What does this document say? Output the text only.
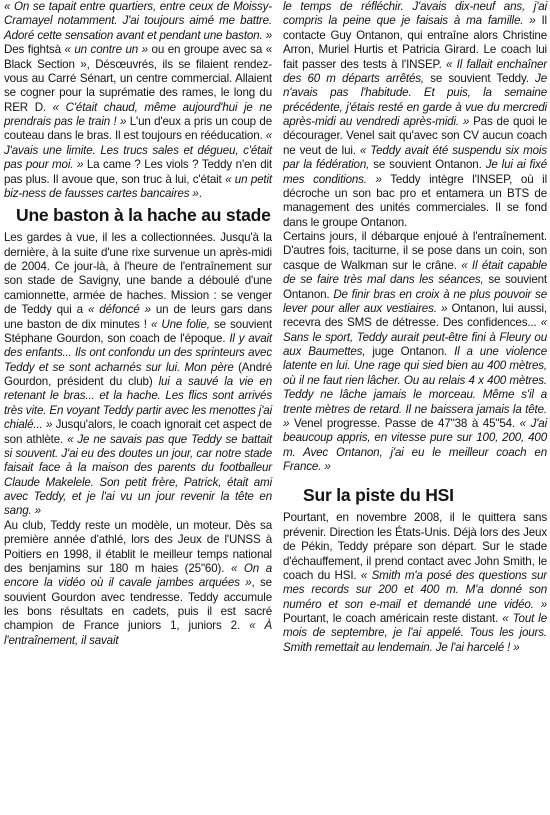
« On se tapait entre quartiers, entre ceux de Moissy-Cramayel notamment. J'ai toujours aimé me battre. Adoré cette sensation avant et pendant une baston. » Des fightsà « un contre un » ou en groupe avec sa « Black Section », Désœuvrés, ils se filaient rendez-vous au Carré Sénart, un centre commercial. Allaient se cogner pour la suprématie des rames, le long du RER D. « C'était chaud, même aujourd'hui je ne prendrais pas le train ! » L'un d'eux a pris un coup de couteau dans le bras. Il est toujours en rééducation. « J'avais une limite. Les trucs sales et dégueu, c'était pas pour moi. » La came ? Les viols ? Teddy n'en dit pas plus. Il avoue que, son truc à lui, c'était « un petit biz-ness de fausses cartes bancaires ».

Une baston à la hache au stade

Les gardes à vue, il les a collectionnées. Jusqu'à la dernière, à la suite d'une rixe survenue un après-midi de 2004. Ce jour-là, à l'heure de l'entraînement sur son stade de Savigny, une bande a déboulé d'une camionnette, armée de haches. Mission : se venger de Teddy qui a « défoncé » un de leurs gars dans une baston de dix minutes ! « Une folie, se souvient Stéphane Gourdon, son coach de l'époque. Il y avait des enfants... Ils ont confondu un des sprinteurs avec Teddy et se sont acharnés sur lui. Mon père (André Gourdon, président du club) lui a sauvé la vie en retenant le bras... et la hache. Les flics sont arrivés très vite. En voyant Teddy partir avec les menottes j'ai chialé... » Jusqu'alors, le coach ignorait cet aspect de son athlète. « Je ne savais pas que Teddy se battait si souvent. J'ai eu des doutes un jour, car notre stade faisait face à la maison des parents du footballeur Claude Makelele. Son petit frère, Patrick, était ami avec Teddy, et je l'ai vu un jour revenir la tête en sang. »

Au club, Teddy reste un modèle, un moteur. Dès sa première année d'athlé, lors des Jeux de l'UNSS à Poitiers en 1998, il établit le meilleur temps national des benjamins sur 180 m haies (25"60). « On a encore la vidéo où il cavale jambes arquées », se souvient Gourdon avec tendresse. Teddy accumule les bons résultats en cadets, puis il est sacré champion de France juniors 1, juniors 2. « À l'entraînement, il savait

le temps de réfléchir. J'avais dix-neuf ans, j'ai compris la peine que je faisais à ma famille. » Il contacte Guy Ontanon, qui entraîne alors Christine Arron, Muriel Hurtis et Patricia Girard. Le coach lui fait passer des tests à l'INSEP. « Il fallait enchaîner des 60 m départs arrêtés, se souvient Teddy. Je n'avais pas l'habitude. Et puis, la semaine précédente, j'étais resté en garde à vue du mercredi après-midi au vendredi après-midi. » Pas de quoi le décourager. Venel sait qu'avec son CV aucun coach ne veut de lui. « Teddy avait été suspendu six mois par la fédération, se souvient Ontanon. Je lui ai fixé mes conditions. » Teddy intègre l'INSEP, où il décroche un son bac pro et entamera un BTS de management des unités commerciales. Il se fond dans le groupe Ontanon.

Certains jours, il débarque enjoué à l'entraînement. D'autres fois, taciturne, il se pose dans un coin, son casque de Walkman sur le crâne. « Il était capable de se faire très mal dans les séances, se souvient Ontanon. De finir bras en croix à ne plus pouvoir se lever pour aller aux vestiaires. » Ontanon, lui aussi, recevra des SMS de détresse. Des confidences... « Sans le sport, Teddy aurait peut-être fini à Fleury ou aux Baumettes, juge Ontanon. Il a une violence latente en lui. Une rage qui sied bien au 400 mètres, où il ne faut rien lâcher. Ou au relais 4 x 400 mètres. Teddy ne lâche jamais le morceau. Même s'il a trente mètres de retard. Il ne baissera jamais la tête. » Venel progresse. Passe de 47"38 à 45"54. « J'ai beaucoup appris, en vitesse pure sur 100, 200, 400 m. Avec Ontanon, j'ai eu le meilleur coach en France. »

Sur la piste du HSI

Pourtant, en novembre 2008, il le quittera sans prévenir. Direction les États-Unis. Déjà lors des Jeux de Pékin, Teddy prépare son départ. Sur le stade d'échauffement, il prend contact avec John Smith, le coach du HSI. « Smith m'a posé des questions sur mes records sur 200 et 400 m. M'a donné son numéro et son e-mail et demandé une vidéo. » Pourtant, le coach américain reste distant. « Tout le mois de septembre, je l'ai appelé. Tous les jours. Smith remettait au lendemain. Je l'ai harcelé ! »
